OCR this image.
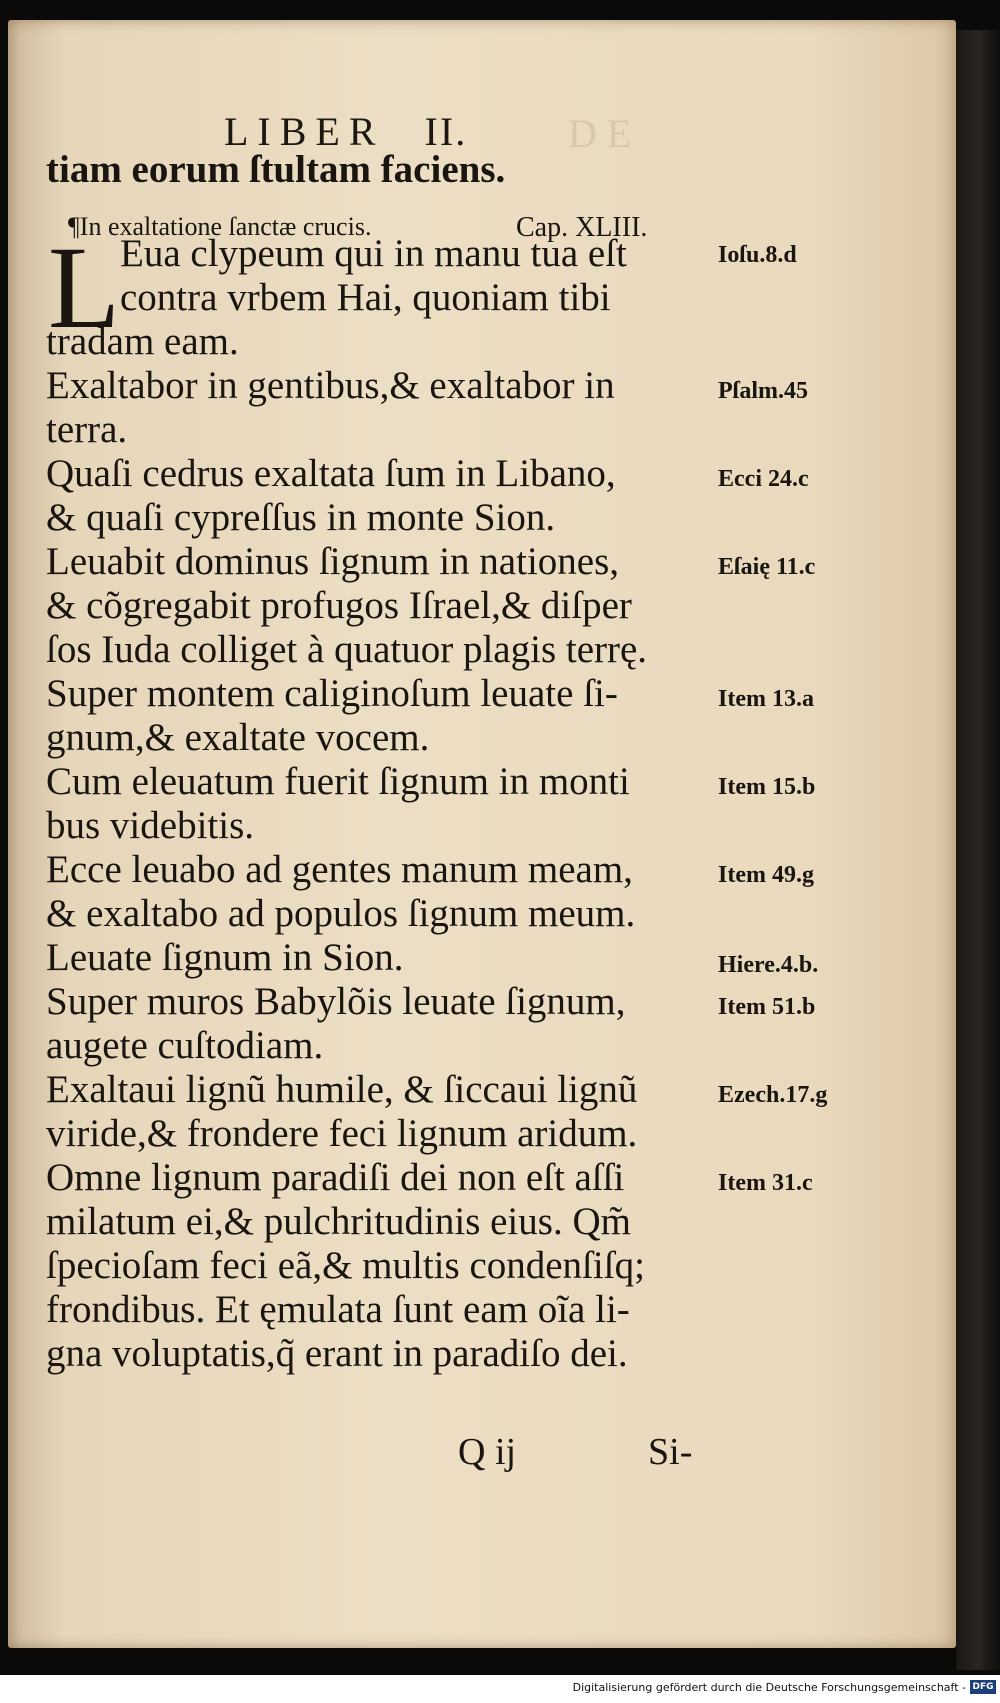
D E
LIBER II.
tiam eorum ſtultam faciens.
¶In exaltatione ſanctæ crucis.	Cap. XLIII.
L Eua clypeum qui in manu tua eſt
contra vrbem Hai, quoniam tibi
tradam eam.
Exaltabor in gentibus,& exaltabor in
terra.
Quaſi cedrus exaltata ſum in Libano,
& quaſi cypreſſus in monte Sion.
Leuabit dominus ſignum in nationes,
& cõgregabit profugos Iſrael,& diſper
ſos Iuda colliget à quatuor plagis terrę.
Super montem caliginoſum leuate ſi-
gnum,& exaltate vocem.
Cum eleuatum fuerit ſignum in monti
bus videbitis.
Ecce leuabo ad gentes manum meam,
& exaltabo ad populos ſignum meum.
Leuate ſignum in Sion.
Super muros Babylõis leuate ſignum,
augete cuſtodiam.
Exaltaui lignũ humile, & ſiccaui lignũ
viride,& frondere feci lignum aridum.
Omne lignum paradiſi dei non eſt aſſi
milatum ei,& pulchritudinis eius. Qm̃
ſpecioſam feci eã,& multis condenſiſq;
frondibus. Et ęmulata ſunt eam oĩa li-
gna voluptatis,q̃ erant in paradiſo dei.
Ioſu.8.d
Pſalm.45
Ecci 24.c
Eſaię 11.c
Item 13.a
Item 15.b
Item 49.g
Hiere.4.b.
Item 51.b
Ezech.17.g
Item 31.c
Q ij	Si-
Digitalisierung gefördert durch die Deutsche Forschungsgemeinschaft - DFG
